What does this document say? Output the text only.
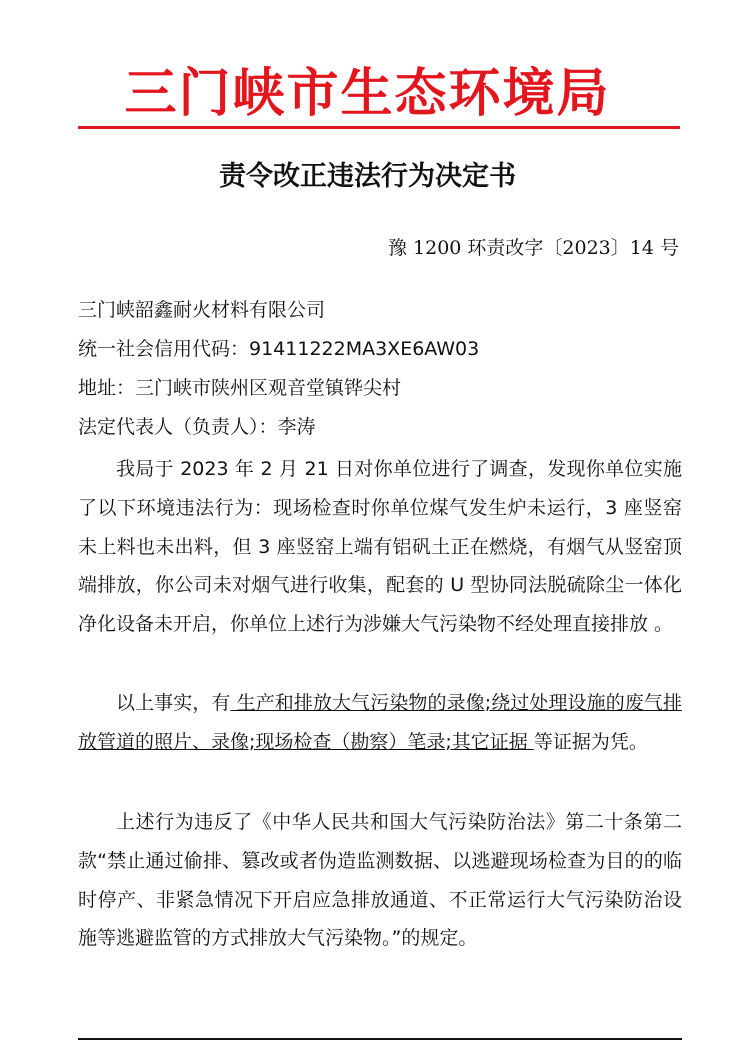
三门峡市生态环境局
责令改正违法行为决定书
豫 1200 环责改字〔2023〕14 号
三门峡韶鑫耐火材料有限公司
统一社会信用代码：91411222MA3XE6AW03
地址：三门峡市陕州区观音堂镇铧尖村
法定代表人（负责人）：李涛

我局于 2023 年 2 月 21 日对你单位进行了调查，发现你单位实施了以下环境违法行为：现场检查时你单位煤气发生炉未运行，3 座竖窑未上料也未出料，但 3 座竖窑上端有铝矾土正在燃烧，有烟气从竖窑顶端排放，你公司未对烟气进行收集，配套的 U 型协同法脱硫除尘一体化净化设备未开启，你单位上述行为涉嫌大气污染物不经处理直接排放 。

以上事实，有 生产和排放大气污染物的录像;绕过处理设施的废气排放管道的照片、录像;现场检查（勘察）笔录;其它证据 等证据为凭。

上述行为违反了《中华人民共和国大气污染防治法》第二十条第二款“禁止通过偷排、篡改或者伪造监测数据、以逃避现场检查为目的的临时停产、非紧急情况下开启应急排放通道、不正常运行大气污染防治设施等逃避监管的方式排放大气污染物。”的规定。
